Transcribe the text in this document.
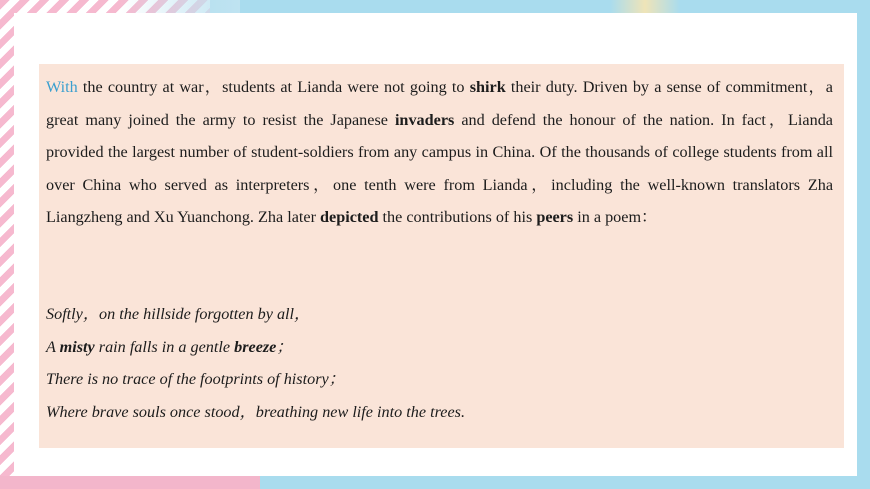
With the country at war，students at Lianda were not going to shirk their duty. Driven by a sense of commitment，a great many joined the army to resist the Japanese invaders and defend the honour of the nation. In fact，Lianda provided the largest number of student-soldiers from any campus in China. Of the thousands of college students from all over China who served as interpreters，one tenth were from Lianda，including the well-known translators Zha Liangzheng and Xu Yuanchong. Zha later depicted the contributions of his peers in a poem：

Softly，on the hillside forgotten by all，
A misty rain falls in a gentle breeze；
There is no trace of the footprints of history；
Where brave souls once stood，breathing new life into the trees.
